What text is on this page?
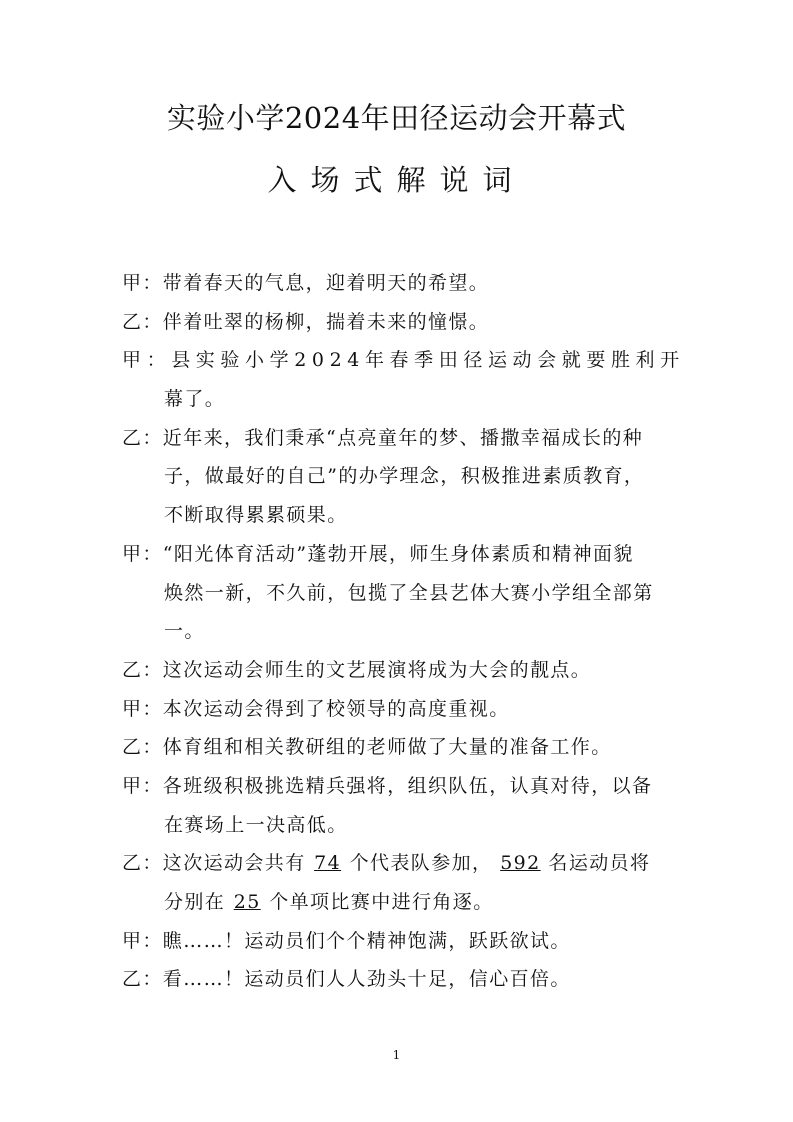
实验小学2024年田径运动会开幕式
入场式解说词
甲：带着春天的气息，迎着明天的希望。
乙：伴着吐翠的杨柳，揣着未来的憧憬。
甲：县实验小学2024年春季田径运动会就要胜利开
幕了。
乙：近年来，我们秉承“点亮童年的梦、播撒幸福成长的种
子，做最好的自己”的办学理念，积极推进素质教育，
不断取得累累硕果。
甲：“阳光体育活动”蓬勃开展，师生身体素质和精神面貌
焕然一新，不久前，包揽了全县艺体大赛小学组全部第
一。
乙：这次运动会师生的文艺展演将成为大会的靓点。
甲：本次运动会得到了校领导的高度重视。
乙：体育组和相关教研组的老师做了大量的准备工作。
甲：各班级积极挑选精兵强将，组织队伍，认真对待，以备
在赛场上一决高低。
乙：这次运动会共有 74 个代表队参加， 592 名运动员将
分别在 25 个单项比赛中进行角逐。
甲：瞧……！运动员们个个精神饱满，跃跃欲试。
乙：看……！运动员们人人劲头十足，信心百倍。
1
